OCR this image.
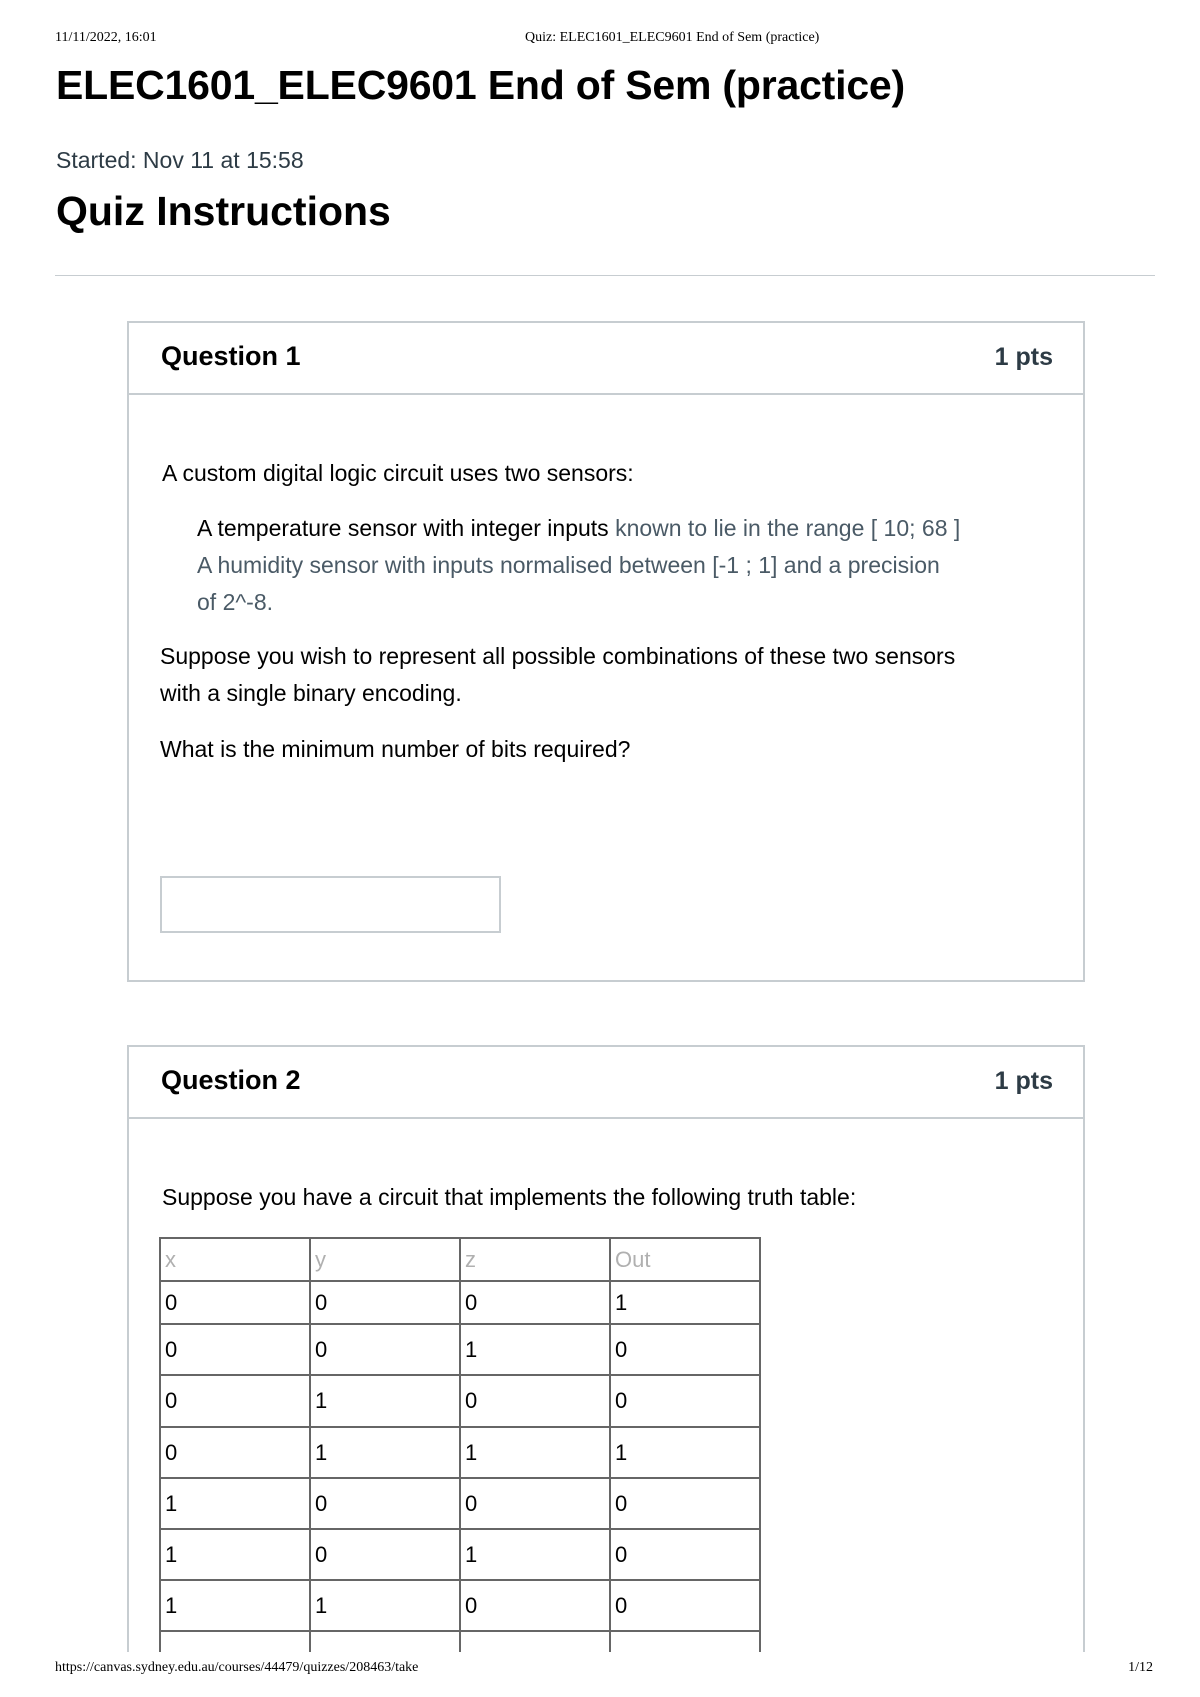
11/11/2022, 16:01	Quiz: ELEC1601_ELEC9601 End of Sem (practice)
ELEC1601_ELEC9601 End of Sem (practice)
Started: Nov 11 at 15:58
Quiz Instructions
Question 1	1 pts
A custom digital logic circuit uses two sensors:
A temperature sensor with integer inputs known to lie in the range [ 10; 68 ]
A humidity sensor with inputs normalised between [-1 ; 1] and a precision
of 2^-8.
Suppose you wish to represent all possible combinations of these two sensors
with a single binary encoding.
What is the minimum number of bits required?
Question 2	1 pts
Suppose you have a circuit that implements the following truth table:
x	y	z	Out
0	0	0	1
0	0	1	0
0	1	0	0
0	1	1	1
1	0	0	0
1	0	1	0
1	1	0	0

https://canvas.sydney.edu.au/courses/44479/quizzes/208463/take	1/12
